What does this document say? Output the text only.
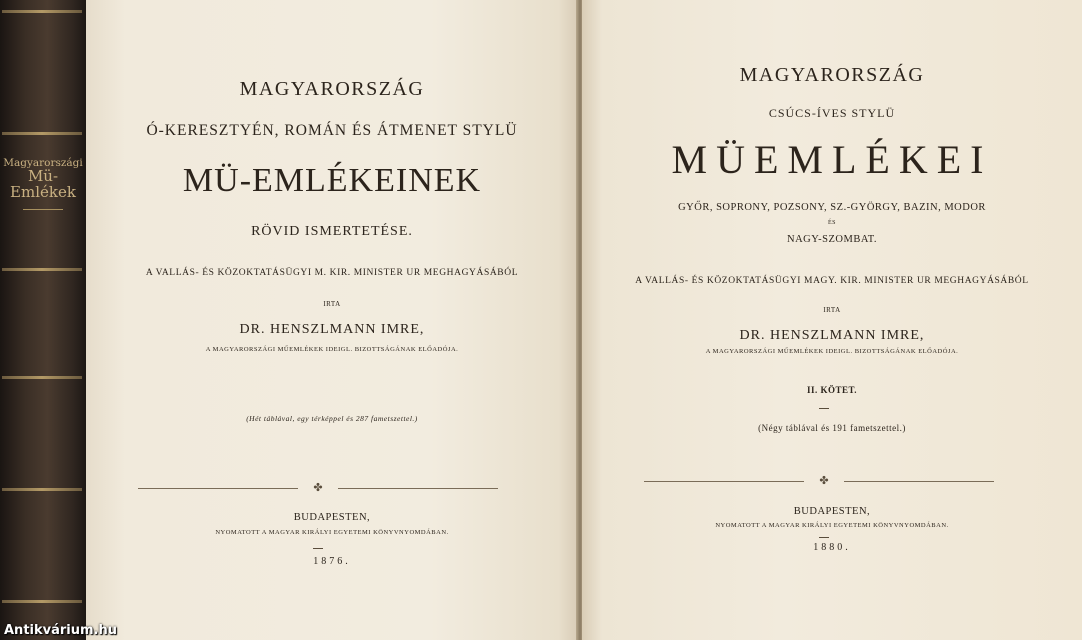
Magyarországi
Mü-
Emlékek
MAGYARORSZÁG
Ó-KERESZTYÉN, ROMÁN ÉS ÁTMENET STYLÜ
MÜ-EMLÉKEINEK
RÖVID ISMERTETÉSE.
A VALLÁS- ÉS KÖZOKTATÁSÜGYI M. KIR. MINISTER UR MEGHAGYÁSÁBÓL
IRTA
DR. HENSZLMANN IMRE,
A MAGYARORSZÁGI MŰEMLÉKEK IDEIGL. BIZOTTSÁGÁNAK ELŐADÓJA.
(Hét táblával, egy térképpel és 287 fametszettel.)
✤
BUDAPESTEN,
NYOMATOTT A MAGYAR KIRÁLYI EGYETEMI KÖNYVNYOMDÁBAN.
1876.
MAGYARORSZÁG
CSÚCS-ÍVES STYLÜ
MÜEMLÉKEI
GYŐR, SOPRONY, POZSONY, SZ.-GYÖRGY, BAZIN, MODOR
ÉS
NAGY-SZOMBAT.
A VALLÁS- ÉS KÖZOKTATÁSÜGYI MAGY. KIR. MINISTER UR MEGHAGYÁSÁBÓL
IRTA
DR. HENSZLMANN IMRE,
A MAGYARORSZÁGI MŰEMLÉKEK IDEIGL. BIZOTTSÁGÁNAK ELŐADÓJA.
II. KÖTET.
(Négy táblával és 191 fametszettel.)
✤
BUDAPESTEN,
NYOMATOTT A MAGYAR KIRÁLYI EGYETEMI KÖNYVNYOMDÁBAN.
1880.
Antikvárium.hu
